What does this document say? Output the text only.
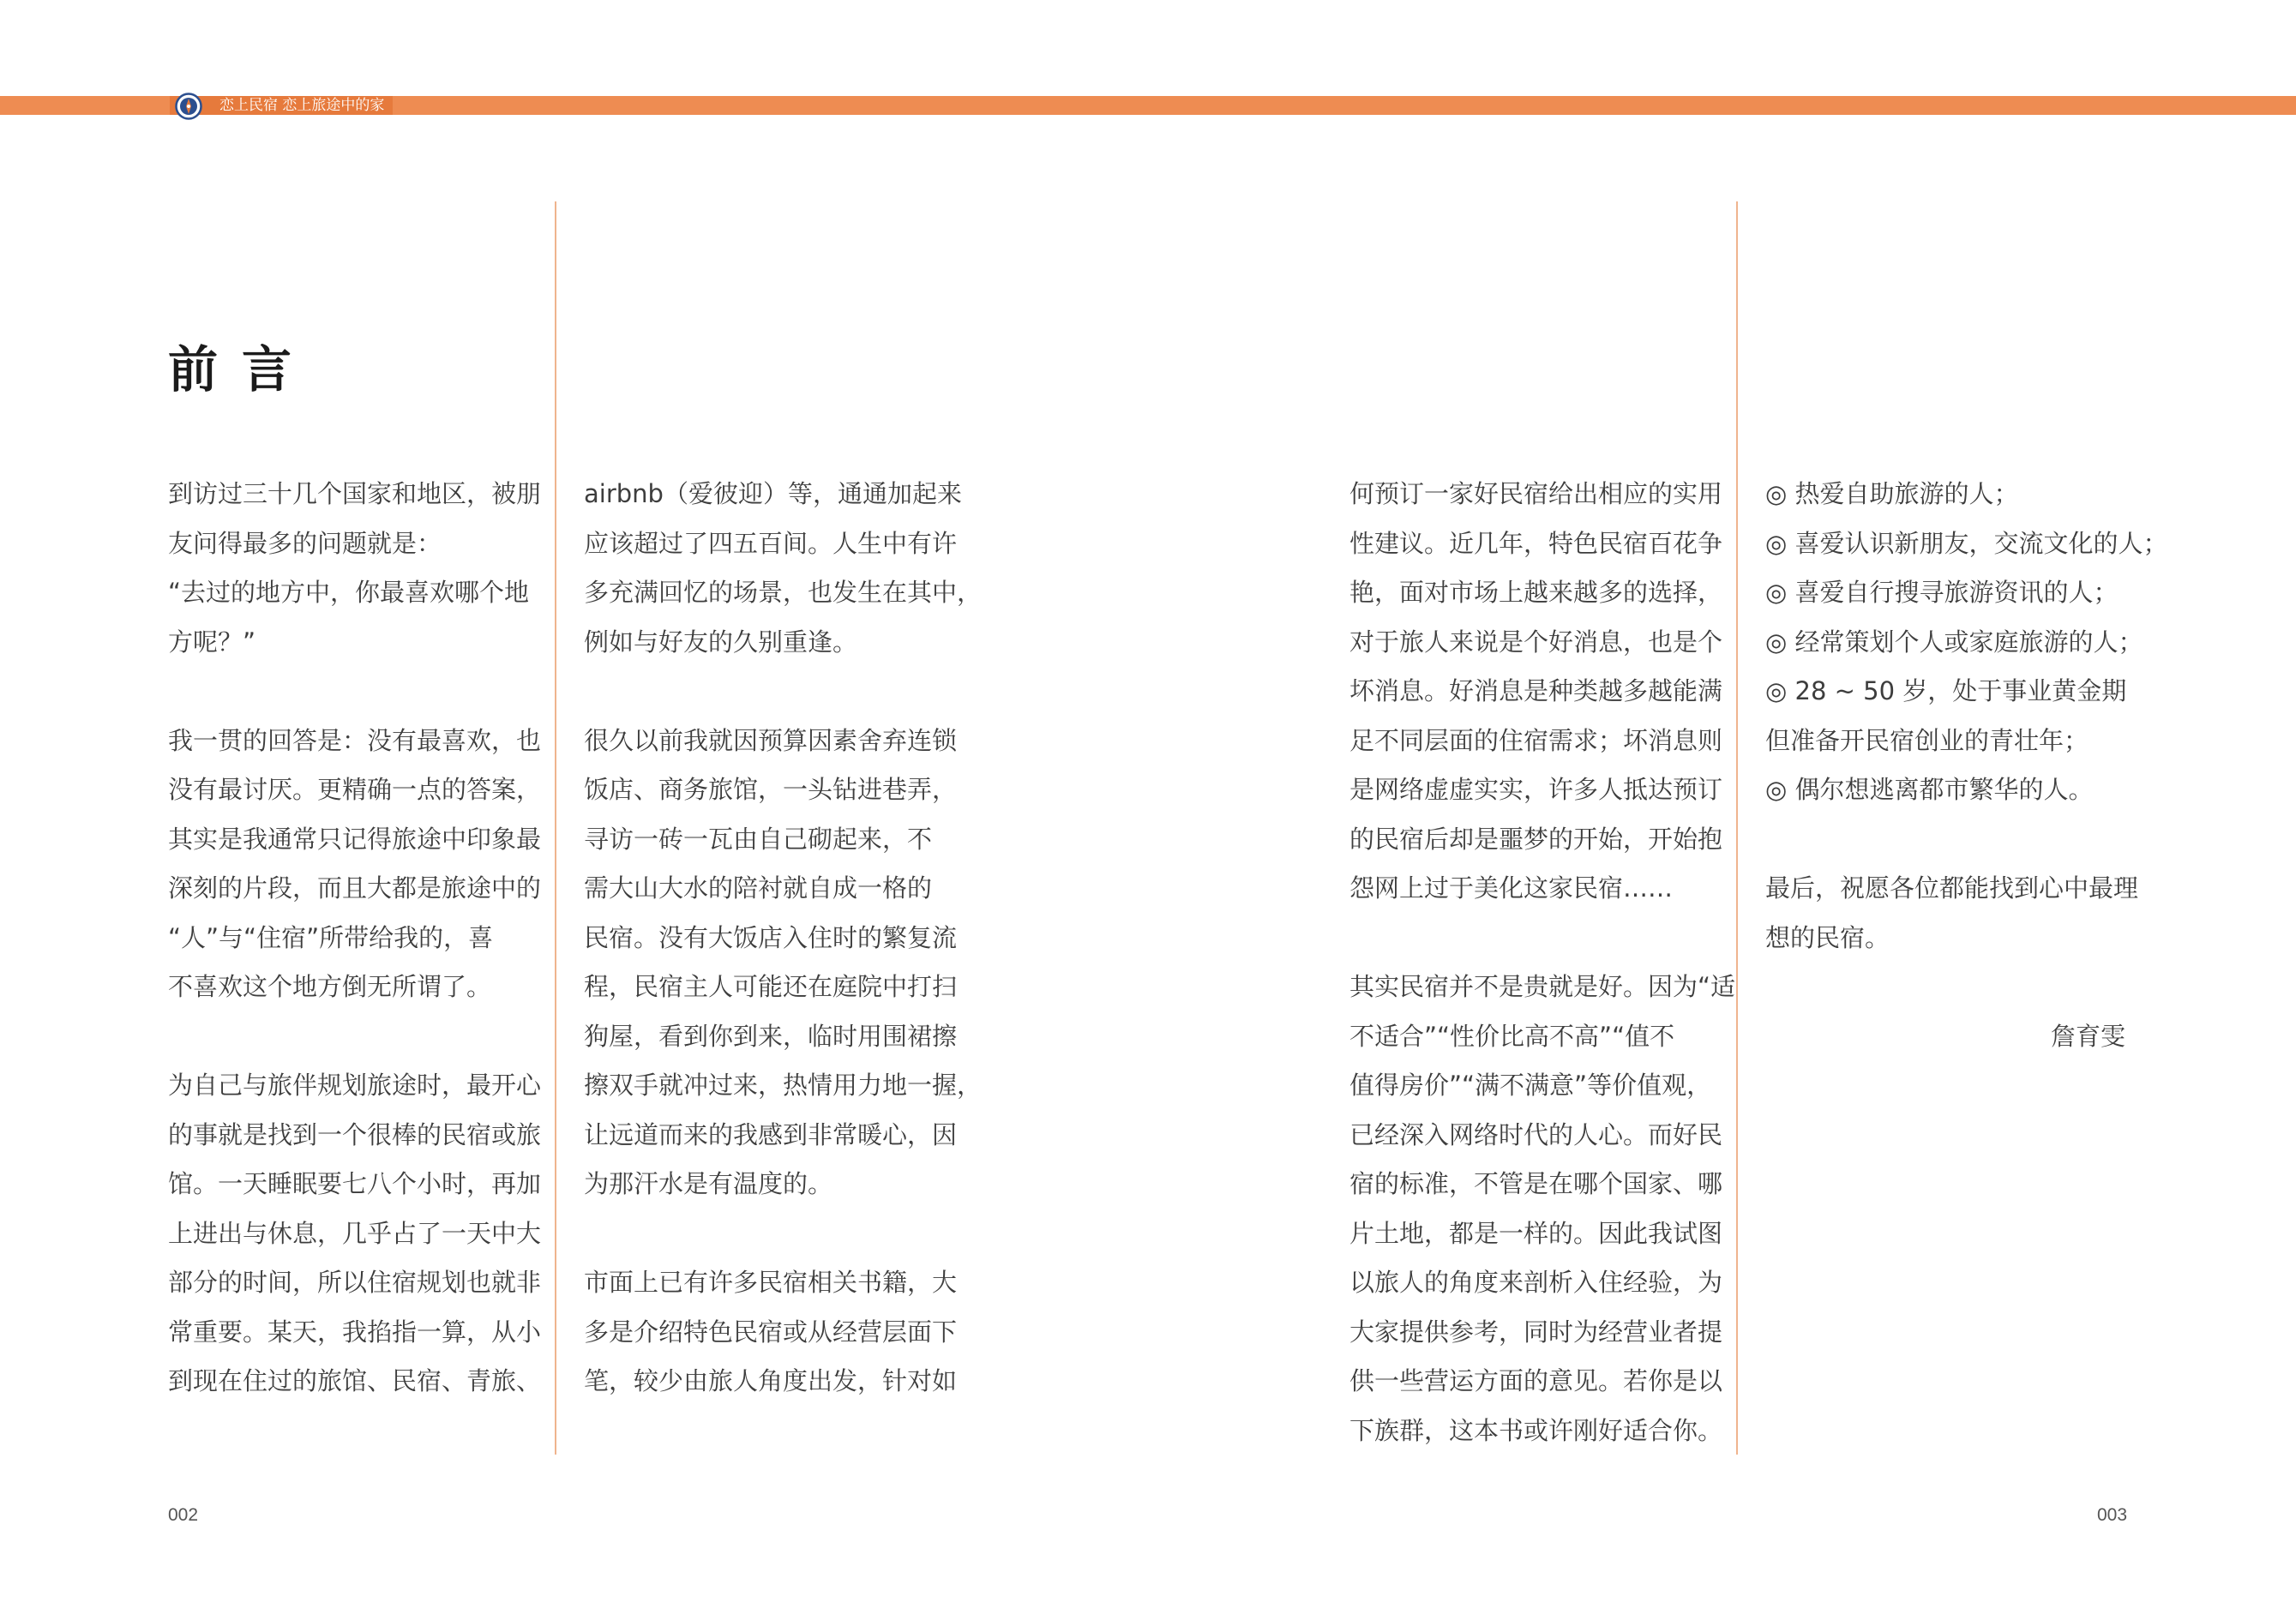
恋上民宿 恋上旅途中的家
前言
到访过三十几个国家和地区，被朋
友问得最多的问题就是：
“去过的地方中，你最喜欢哪个地
方呢？”
我一贯的回答是：没有最喜欢，也
没有最讨厌。更精确一点的答案，
其实是我通常只记得旅途中印象最
深刻的片段，而且大都是旅途中的
“人”与“住宿”所带给我的，喜
不喜欢这个地方倒无所谓了。
为自己与旅伴规划旅途时，最开心
的事就是找到一个很棒的民宿或旅
馆。一天睡眠要七八个小时，再加
上进出与休息，几乎占了一天中大
部分的时间，所以住宿规划也就非
常重要。某天，我掐指一算，从小
到现在住过的旅馆、民宿、青旅、
airbnb（爱彼迎）等，通通加起来
应该超过了四五百间。人生中有许
多充满回忆的场景，也发生在其中，
例如与好友的久别重逢。
很久以前我就因预算因素舍弃连锁
饭店、商务旅馆，一头钻进巷弄，
寻访一砖一瓦由自己砌起来，不
需大山大水的陪衬就自成一格的
民宿。没有大饭店入住时的繁复流
程，民宿主人可能还在庭院中打扫
狗屋，看到你到来，临时用围裙擦
擦双手就冲过来，热情用力地一握，
让远道而来的我感到非常暖心，因
为那汗水是有温度的。
市面上已有许多民宿相关书籍，大
多是介绍特色民宿或从经营层面下
笔，较少由旅人角度出发，针对如
何预订一家好民宿给出相应的实用
性建议。近几年，特色民宿百花争
艳，面对市场上越来越多的选择，
对于旅人来说是个好消息，也是个
坏消息。好消息是种类越多越能满
足不同层面的住宿需求；坏消息则
是网络虚虚实实，许多人抵达预订
的民宿后却是噩梦的开始，开始抱
怨网上过于美化这家民宿……
其实民宿并不是贵就是好。因为“适
不适合”“性价比高不高”“值不
值得房价”“满不满意”等价值观，
已经深入网络时代的人心。而好民
宿的标准，不管是在哪个国家、哪
片土地，都是一样的。因此我试图
以旅人的角度来剖析入住经验，为
大家提供参考，同时为经营业者提
供一些营运方面的意见。若你是以
下族群，这本书或许刚好适合你。
◎ 热爱自助旅游的人；
◎ 喜爱认识新朋友，交流文化的人；
◎ 喜爱自行搜寻旅游资讯的人；
◎ 经常策划个人或家庭旅游的人；
◎ 28 ~ 50 岁，处于事业黄金期
但准备开民宿创业的青壮年；
◎ 偶尔想逃离都市繁华的人。
最后，祝愿各位都能找到心中最理
想的民宿。
詹育雯
002	003
